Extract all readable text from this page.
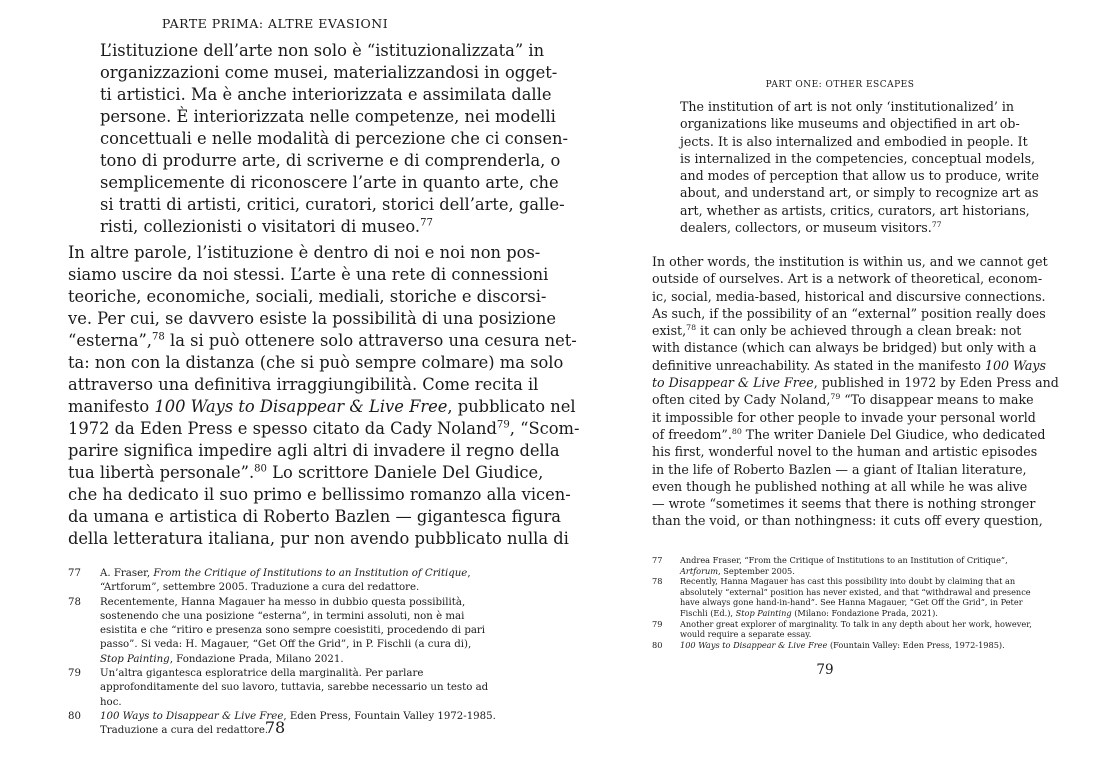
PARTE PRIMA: ALTRE EVASIONI
L’istituzione dell’arte non solo è “istituzionalizzata” in
organizzazioni come musei, materializzandosi in ogget-
ti artistici. Ma è anche interiorizzata e assimilata dalle
persone. È interiorizzata nelle competenze, nei modelli
concettuali e nelle modalità di percezione che ci consen-
tono di produrre arte, di scriverne e di comprenderla, o
semplicemente di riconoscere l’arte in quanto arte, che
si tratti di artisti, critici, curatori, storici dell’arte, galle-
risti, collezionisti o visitatori di museo.$^{77}$
In altre parole, l’istituzione è dentro di noi e noi non pos-
siamo uscire da noi stessi. L’arte è una rete di connessioni
teoriche, economiche, sociali, mediali, storiche e discorsi-
ve. Per cui, se davvero esiste la possibilità di una posizione
“esterna”,$^{78}$ la si può ottenere solo attraverso una cesura net-
ta: non con la distanza (che si può sempre colmare) ma solo
attraverso una definitiva irraggiungibilità. Come recita il
manifesto 100 Ways to Disappear & Live Free, pubblicato nel
1972 da Eden Press e spesso citato da Cady Noland$^{79}$, “Scom-
parire significa impedire agli altri di invadere il regno della
tua libertà personale”.$^{80}$ Lo scrittore Daniele Del Giudice,
che ha dedicato il suo primo e bellissimo romanzo alla vicen-
da umana e artistica di Roberto Bazlen — gigantesca figura
della letteratura italiana, pur non avendo pubblicato nulla di
77	A. Fraser, From the Critique of Institutions to an Institution of Critique, “Artforum”, settembre 2005. Traduzione a cura del redattore.
78	Recentemente, Hanna Magauer ha messo in dubbio questa possibilità, sostenendo che una posizione “esterna”, in termini assoluti, non è mai esistita e che “ritiro e presenza sono sempre coesistiti, procedendo di pari passo”. Si veda: H. Magauer, “Get Off the Grid”, in P. Fischli (a cura di), Stop Painting, Fondazione Prada, Milano 2021.
79	Un’altra gigantesca esploratrice della marginalità. Per parlare approfonditamente del suo lavoro, tuttavia, sarebbe necessario un testo ad hoc.
80	100 Ways to Disappear & Live Free, Eden Press, Fountain Valley 1972-1985. Traduzione a cura del redattore.
78
PART ONE: OTHER ESCAPES
The institution of art is not only ‘institutionalized’ in
organizations like museums and objectified in art ob-
jects. It is also internalized and embodied in people. It
is internalized in the competencies, conceptual models,
and modes of perception that allow us to produce, write
about, and understand art, or simply to recognize art as
art, whether as artists, critics, curators, art historians,
dealers, collectors, or museum visitors.$^{77}$
In other words, the institution is within us, and we cannot get
outside of ourselves. Art is a network of theoretical, econom-
ic, social, media-based, historical and discursive connections.
As such, if the possibility of an “external” position really does
exist,$^{78}$ it can only be achieved through a clean break: not
with distance (which can always be bridged) but only with a
definitive unreachability. As stated in the manifesto 100 Ways
to Disappear & Live Free, published in 1972 by Eden Press and
often cited by Cady Noland,$^{79}$ “To disappear means to make
it impossible for other people to invade your personal world
of freedom”.$^{80}$ The writer Daniele Del Giudice, who dedicated
his first, wonderful novel to the human and artistic episodes
in the life of Roberto Bazlen — a giant of Italian literature,
even though he published nothing at all while he was alive
— wrote “sometimes it seems that there is nothing stronger
than the void, or than nothingness: it cuts off every question,
77	Andrea Fraser, “From the Critique of Institutions to an Institution of Critique”, Artforum, September 2005.
78	Recently, Hanna Magauer has cast this possibility into doubt by claiming that an absolutely “external” position has never existed, and that “withdrawal and presence have always gone hand-in-hand”. See Hanna Magauer, “Get Off the Grid”, in Peter Fischli (Ed.), Stop Painting (Milano: Fondazione Prada, 2021).
79	Another great explorer of marginality. To talk in any depth about her work, however, would require a separate essay.
80	100 Ways to Disappear & Live Free (Fountain Valley: Eden Press, 1972-1985).
79
